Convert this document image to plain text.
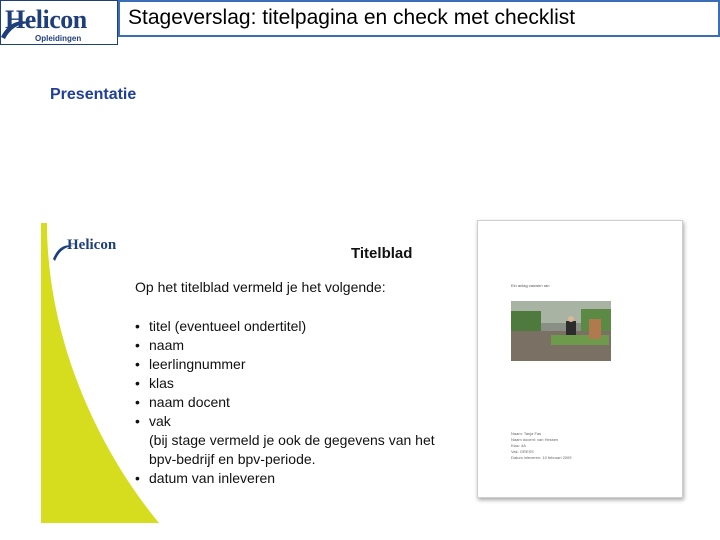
Helicon
Opleidingen
Stageverslag: titelpagina en check met checklist
Presentatie
Helicon	Titelblad
Op het titelblad vermeld je het volgende:
• titel (eventueel ondertitel)
• naam
• leerlingnummer
• klas
• naam docent
• vak
(bij stage vermeld je ook de gegevens van het bpv-bedrijf en bpv-periode.
• datum van inleveren
Ein anlag vanwen ran
Naam: Tanja Fas
Naam docent: van Hessen
Klas: 4A
Vak: GRESS
Datum inleveren: 10 februari 2009
